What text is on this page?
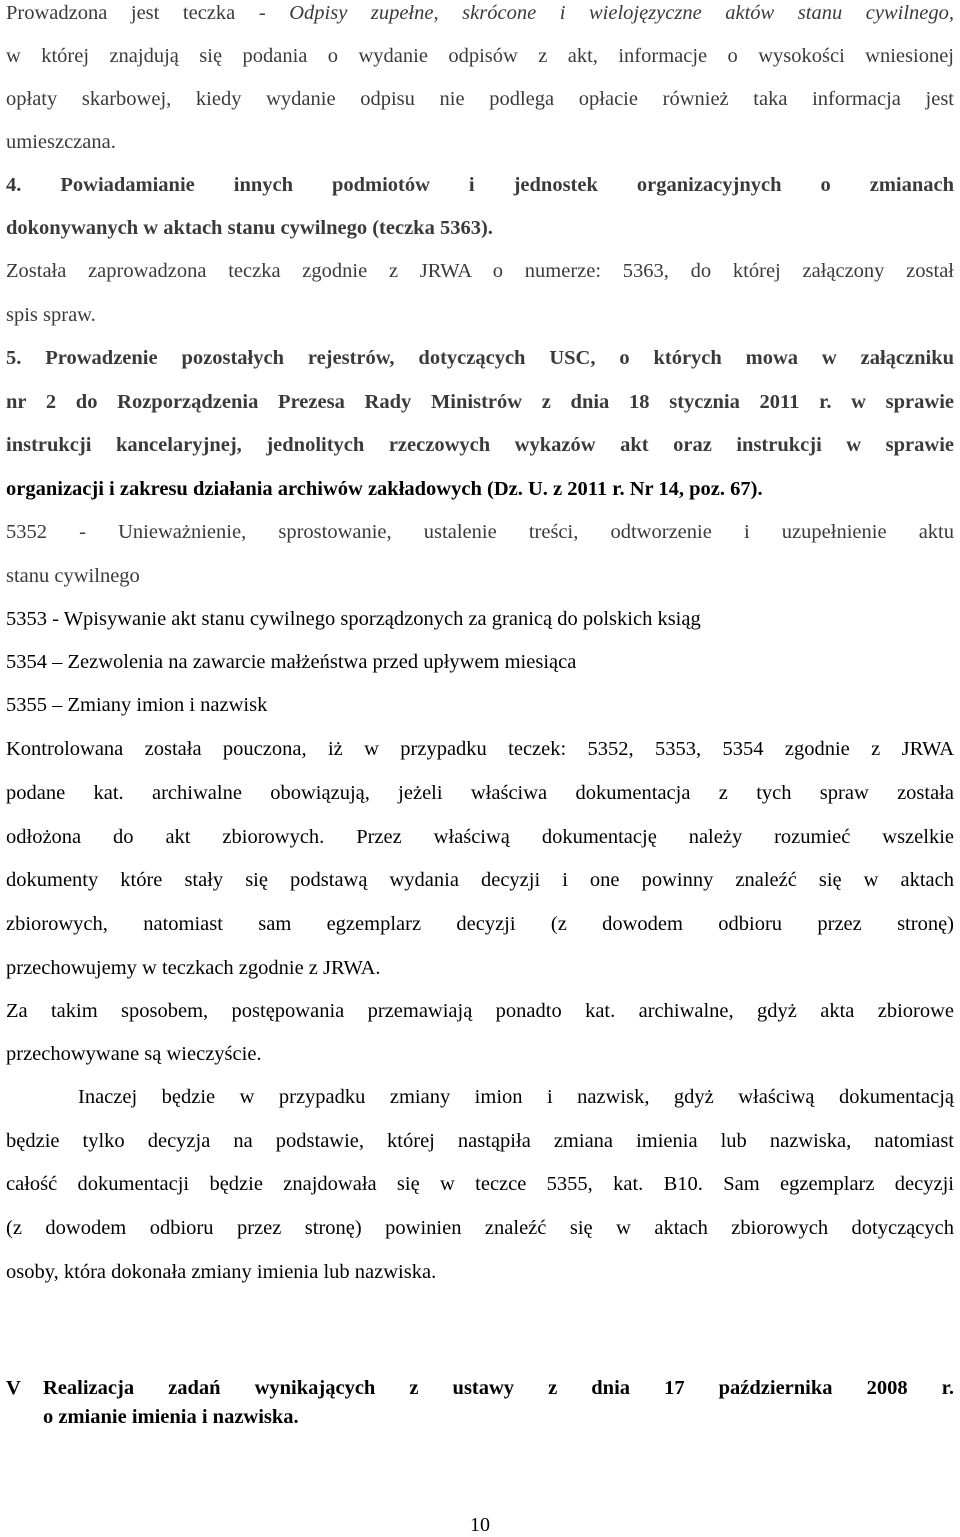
Prowadzona jest teczka - Odpisy zupełne, skrócone i wielojęzyczne aktów stanu cywilnego,
w której znajdują się podania o wydanie odpisów z akt, informacje o wysokości wniesionej
opłaty skarbowej, kiedy wydanie odpisu nie podlega opłacie również taka informacja jest
umieszczana.
4. Powiadamianie innych podmiotów i jednostek organizacyjnych o zmianach
dokonywanych w aktach stanu cywilnego (teczka 5363).
Została zaprowadzona teczka zgodnie z JRWA o numerze: 5363, do której załączony został
spis spraw.
5. Prowadzenie pozostałych rejestrów, dotyczących USC, o których mowa w załączniku
nr 2 do Rozporządzenia Prezesa Rady Ministrów z dnia 18 stycznia 2011 r. w sprawie
instrukcji kancelaryjnej, jednolitych rzeczowych wykazów akt oraz instrukcji w sprawie
organizacji i zakresu działania archiwów zakładowych (Dz. U. z 2011 r. Nr 14, poz. 67).
5352 - Unieważnienie, sprostowanie, ustalenie treści, odtworzenie i uzupełnienie aktu
stanu cywilnego
5353 - Wpisywanie akt stanu cywilnego sporządzonych za granicą do polskich ksiąg
5354 – Zezwolenia na zawarcie małżeństwa przed upływem miesiąca
5355 – Zmiany imion i nazwisk
Kontrolowana została pouczona, iż w przypadku teczek: 5352, 5353, 5354 zgodnie z JRWA
podane kat. archiwalne obowiązują, jeżeli właściwa dokumentacja z tych spraw została
odłożona do akt zbiorowych. Przez właściwą dokumentację należy rozumieć wszelkie
dokumenty które stały się podstawą wydania decyzji i one powinny znaleźć się w aktach
zbiorowych, natomiast sam egzemplarz decyzji (z dowodem odbioru przez stronę)
przechowujemy w teczkach zgodnie z JRWA.
Za takim sposobem, postępowania przemawiają ponadto kat. archiwalne, gdyż akta zbiorowe
przechowywane są wieczyście.
Inaczej będzie w przypadku zmiany imion i nazwisk, gdyż właściwą dokumentacją
będzie tylko decyzja na podstawie, której nastąpiła zmiana imienia lub nazwiska, natomiast
całość dokumentacji będzie znajdowała się w teczce 5355, kat. B10. Sam egzemplarz decyzji
(z dowodem odbioru przez stronę) powinien znaleźć się w aktach zbiorowych dotyczących
osoby, która dokonała zmiany imienia lub nazwiska.
V Realizacja zadań wynikających z ustawy z dnia 17 października 2008 r.
o zmianie imienia i nazwiska.
10
